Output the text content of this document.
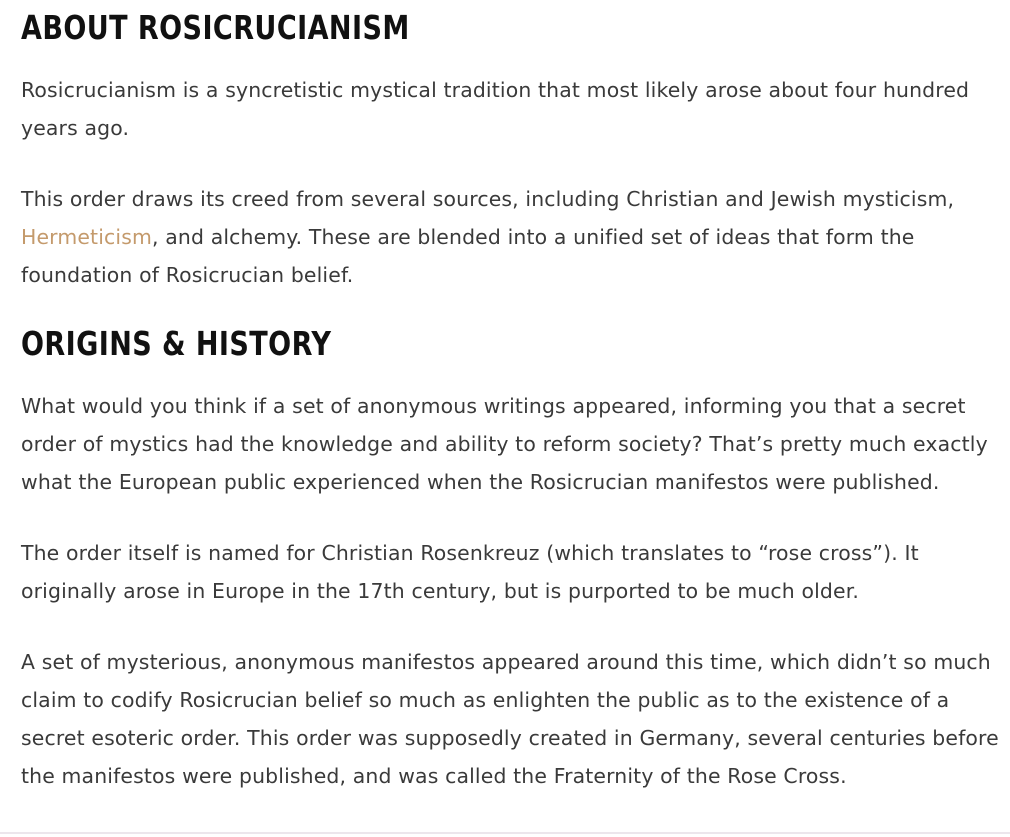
ABOUT ROSICRUCIANISM

Rosicrucianism is a syncretistic mystical tradition that most likely arose about four hundred years ago.

This order draws its creed from several sources, including Christian and Jewish mysticism, Hermeticism, and alchemy. These are blended into a unified set of ideas that form the foundation of Rosicrucian belief.

ORIGINS & HISTORY

What would you think if a set of anonymous writings appeared, informing you that a secret order of mystics had the knowledge and ability to reform society? That’s pretty much exactly what the European public experienced when the Rosicrucian manifestos were published.

The order itself is named for Christian Rosenkreuz (which translates to “rose cross”). It originally arose in Europe in the 17th century, but is purported to be much older.

A set of mysterious, anonymous manifestos appeared around this time, which didn’t so much claim to codify Rosicrucian belief so much as enlighten the public as to the existence of a secret esoteric order. This order was supposedly created in Germany, several centuries before the manifestos were published, and was called the Fraternity of the Rose Cross.
